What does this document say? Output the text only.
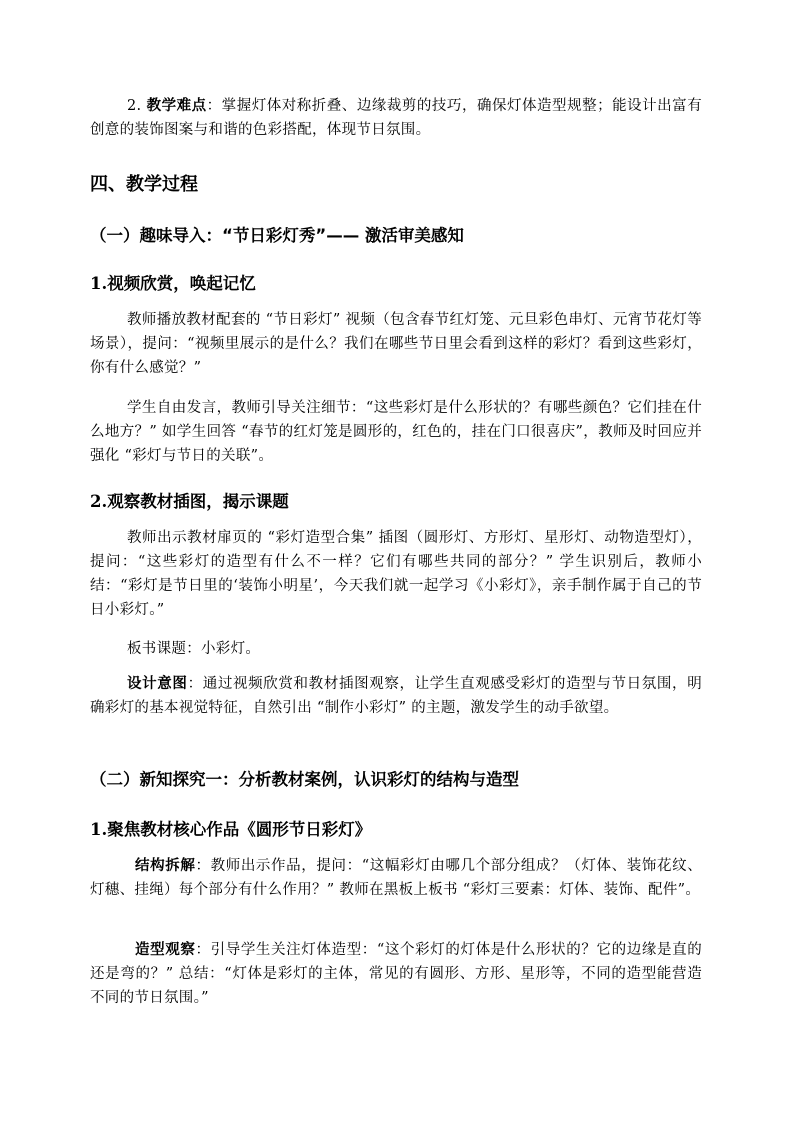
2. 教学难点：掌握灯体对称折叠、边缘裁剪的技巧，确保灯体造型规整；能设计出富有创意的装饰图案与和谐的色彩搭配，体现节日氛围。

四、教学过程
（一）趣味导入：“节日彩灯秀”—— 激活审美感知
1.视频欣赏，唤起记忆

教师播放教材配套的 “节日彩灯” 视频（包含春节红灯笼、元旦彩色串灯、元宵节花灯等场景），提问：“视频里展示的是什么？我们在哪些节日里会看到这样的彩灯？看到这些彩灯，你有什么感觉？”

学生自由发言，教师引导关注细节：“这些彩灯是什么形状的？有哪些颜色？它们挂在什么地方？” 如学生回答 “春节的红灯笼是圆形的，红色的，挂在门口很喜庆”，教师及时回应并强化 “彩灯与节日的关联”。

2.观察教材插图，揭示课题

教师出示教材扉页的 “彩灯造型合集” 插图（圆形灯、方形灯、星形灯、动物造型灯），提问：“这些彩灯的造型有什么不一样？它们有哪些共同的部分？” 学生识别后，教师小结：“彩灯是节日里的‘装饰小明星’，今天我们就一起学习《小彩灯》，亲手制作属于自己的节日小彩灯。”

板书课题：小彩灯。

设计意图：通过视频欣赏和教材插图观察，让学生直观感受彩灯的造型与节日氛围，明确彩灯的基本视觉特征，自然引出 “制作小彩灯” 的主题，激发学生的动手欲望。

（二）新知探究一：分析教材案例，认识彩灯的结构与造型
1.聚焦教材核心作品《圆形节日彩灯》

结构拆解：教师出示作品，提问：“这幅彩灯由哪几个部分组成？（灯体、装饰花纹、灯穗、挂绳）每个部分有什么作用？” 教师在黑板上板书 “彩灯三要素：灯体、装饰、配件”。

造型观察：引导学生关注灯体造型：“这个彩灯的灯体是什么形状的？它的边缘是直的还是弯的？” 总结：“灯体是彩灯的主体，常见的有圆形、方形、星形等，不同的造型能营造不同的节日氛围。”
